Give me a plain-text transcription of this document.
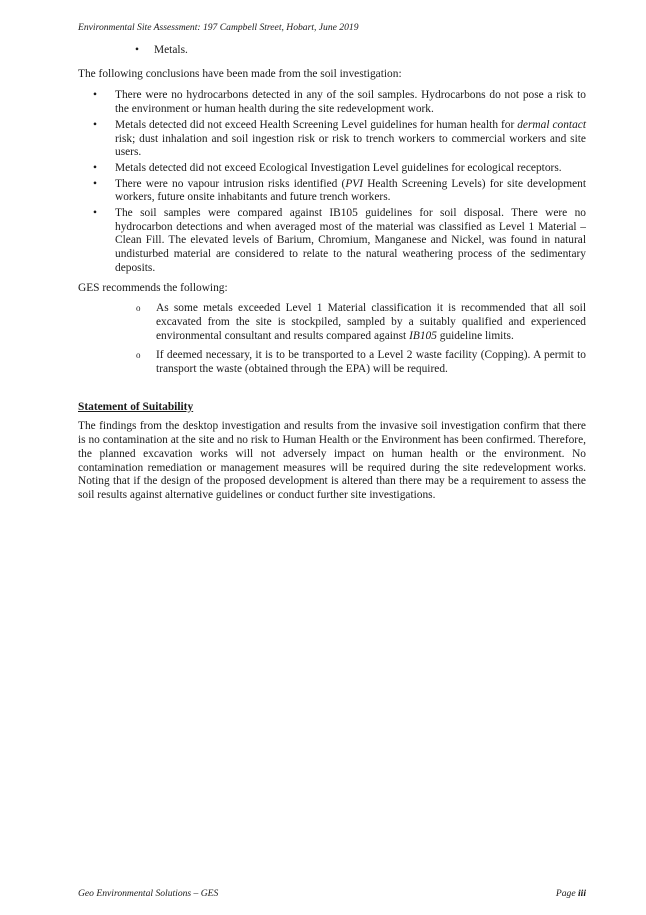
Environmental Site Assessment: 197 Campbell Street, Hobart, June 2019

• Metals.

The following conclusions have been made from the soil investigation:

• There were no hydrocarbons detected in any of the soil samples. Hydrocarbons do not pose a risk to the environment or human health during the site redevelopment work.
• Metals detected did not exceed Health Screening Level guidelines for human health for dermal contact risk; dust inhalation and soil ingestion risk or risk to trench workers to commercial workers and site users.
• Metals detected did not exceed Ecological Investigation Level guidelines for ecological receptors.
• There were no vapour intrusion risks identified (PVI Health Screening Levels) for site development workers, future onsite inhabitants and future trench workers.
• The soil samples were compared against IB105 guidelines for soil disposal. There were no hydrocarbon detections and when averaged most of the material was classified as Level 1 Material – Clean Fill. The elevated levels of Barium, Chromium, Manganese and Nickel, was found in natural undisturbed material are considered to relate to the natural weathering process of the sedimentary deposits.

GES recommends the following:

o As some metals exceeded Level 1 Material classification it is recommended that all soil excavated from the site is stockpiled, sampled by a suitably qualified and experienced environmental consultant and results compared against IB105 guideline limits.
o If deemed necessary, it is to be transported to a Level 2 waste facility (Copping). A permit to transport the waste (obtained through the EPA) will be required.

Statement of Suitability

The findings from the desktop investigation and results from the invasive soil investigation confirm that there is no contamination at the site and no risk to Human Health or the Environment has been confirmed. Therefore, the planned excavation works will not adversely impact on human health or the environment. No contamination remediation or management measures will be required during the site redevelopment works. Noting that if the design of the proposed development is altered than there may be a requirement to assess the soil results against alternative guidelines or conduct further site investigations.

Geo Environmental Solutions – GES	Page iii
